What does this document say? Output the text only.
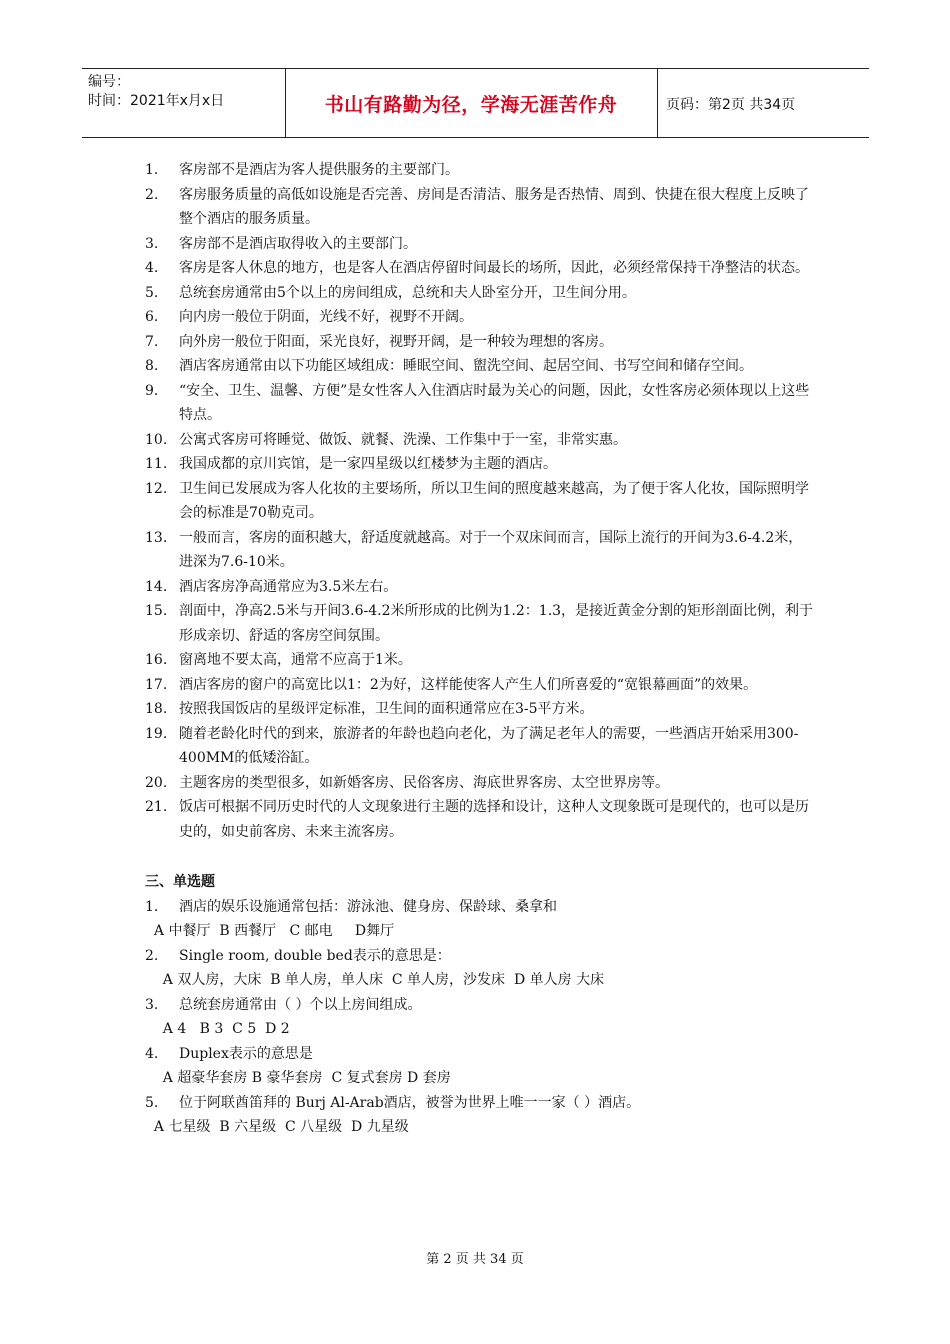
编号：
时间：2021年x月x日	书山有路勤为径，学海无涯苦作舟	页码：第2页 共34页
1.	客房部不是酒店为客人提供服务的主要部门。
2.	客房服务质量的高低如设施是否完善、房间是否清洁、服务是否热情、周到、快捷在很大程度上反映了整个酒店的服务质量。
3.	客房部不是酒店取得收入的主要部门。
4.	客房是客人休息的地方，也是客人在酒店停留时间最长的场所，因此，必须经常保持干净整洁的状态。
5.	总统套房通常由5个以上的房间组成，总统和夫人卧室分开，卫生间分用。
6.	向内房一般位于阴面，光线不好，视野不开阔。
7.	向外房一般位于阳面，采光良好，视野开阔，是一种较为理想的客房。
8.	酒店客房通常由以下功能区域组成：睡眠空间、盥洗空间、起居空间、书写空间和储存空间。
9.	“安全、卫生、温馨、方便”是女性客人入住酒店时最为关心的问题，因此，女性客房必须体现以上这些特点。
10. 公寓式客房可将睡觉、做饭、就餐、洗澡、工作集中于一室，非常实惠。
11. 我国成都的京川宾馆，是一家四星级以红楼梦为主题的酒店。
12. 卫生间已发展成为客人化妆的主要场所，所以卫生间的照度越来越高，为了便于客人化妆，国际照明学会的标准是70勒克司。
13. 一般而言，客房的面积越大，舒适度就越高。对于一个双床间而言，国际上流行的开间为3.6-4.2米，进深为7.6-10米。
14. 酒店客房净高通常应为3.5米左右。
15. 剖面中，净高2.5米与开间3.6-4.2米所形成的比例为1.2：1.3，是接近黄金分割的矩形剖面比例，利于形成亲切、舒适的客房空间氛围。
16. 窗离地不要太高，通常不应高于1米。
17. 酒店客房的窗户的高宽比以1：2为好，这样能使客人产生人们所喜爱的“宽银幕画面”的效果。
18. 按照我国饭店的星级评定标准，卫生间的面积通常应在3-5平方米。
19. 随着老龄化时代的到来，旅游者的年龄也趋向老化，为了满足老年人的需要，一些酒店开始采用300-400MM的低矮浴缸。
20. 主题客房的类型很多，如新婚客房、民俗客房、海底世界客房、太空世界房等。
21. 饭店可根据不同历史时代的人文现象进行主题的选择和设计，这种人文现象既可是现代的，也可以是历史的，如史前客房、未来主流客房。
三、单选题
1.	酒店的娱乐设施通常包括：游泳池、健身房、保龄球、桑拿和
A 中餐厅  B 西餐厅   C 邮电     D舞厅
2.	Single room, double bed表示的意思是：
A 双人房，大床  B 单人房，单人床  C 单人房，沙发床  D 单人房 大床
3.	总统套房通常由（ ）个以上房间组成。
A 4   B 3  C 5  D 2
4.	Duplex表示的意思是
A 超豪华套房 B 豪华套房  C 复式套房 D 套房
5.	位于阿联酋笛拜的 Burj Al-Arab酒店，被誉为世界上唯一一家（ ）酒店。
A 七星级  B 六星级  C 八星级  D 九星级
第 2 页 共 34 页
